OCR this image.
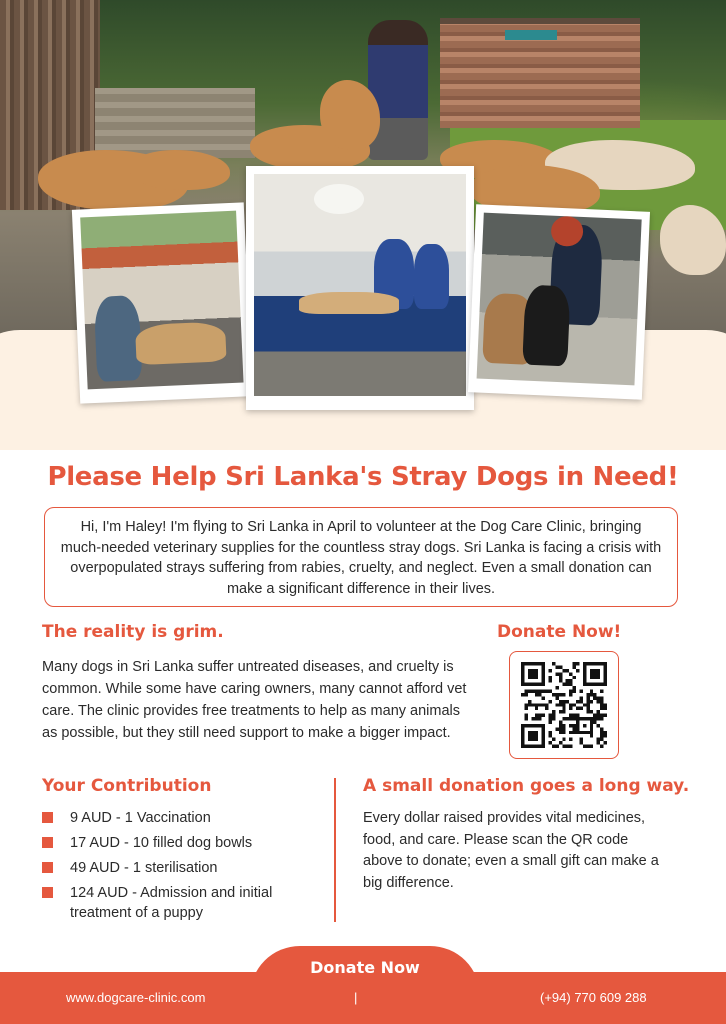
Please Help Sri Lanka's Stray Dogs in Need!

Hi, I'm Haley! I'm flying to Sri Lanka in April to volunteer at the Dog Care Clinic, bringing much-needed veterinary supplies for the countless stray dogs. Sri Lanka is facing a crisis with overpopulated strays suffering from rabies, cruelty, and neglect. Even a small donation can make a significant difference in their lives.

The reality is grim.

Many dogs in Sri Lanka suffer untreated diseases, and cruelty is common. While some have caring owners, many cannot afford vet care. The clinic provides free treatments to help as many animals as possible, but they still need support to make a bigger impact.

Donate Now!
Your Contribution
9 AUD - 1 Vaccination
17 AUD - 10 filled dog bowls
49 AUD - 1 sterilisation
124 AUD - Admission and initial treatment of a puppy
A small donation goes a long way.

Every dollar raised provides vital medicines, food, and care. Please scan the QR code above to donate; even a small gift can make a big difference.

Donate Now
www.dogcare-clinic.com	|	(+94) 770 609 288
